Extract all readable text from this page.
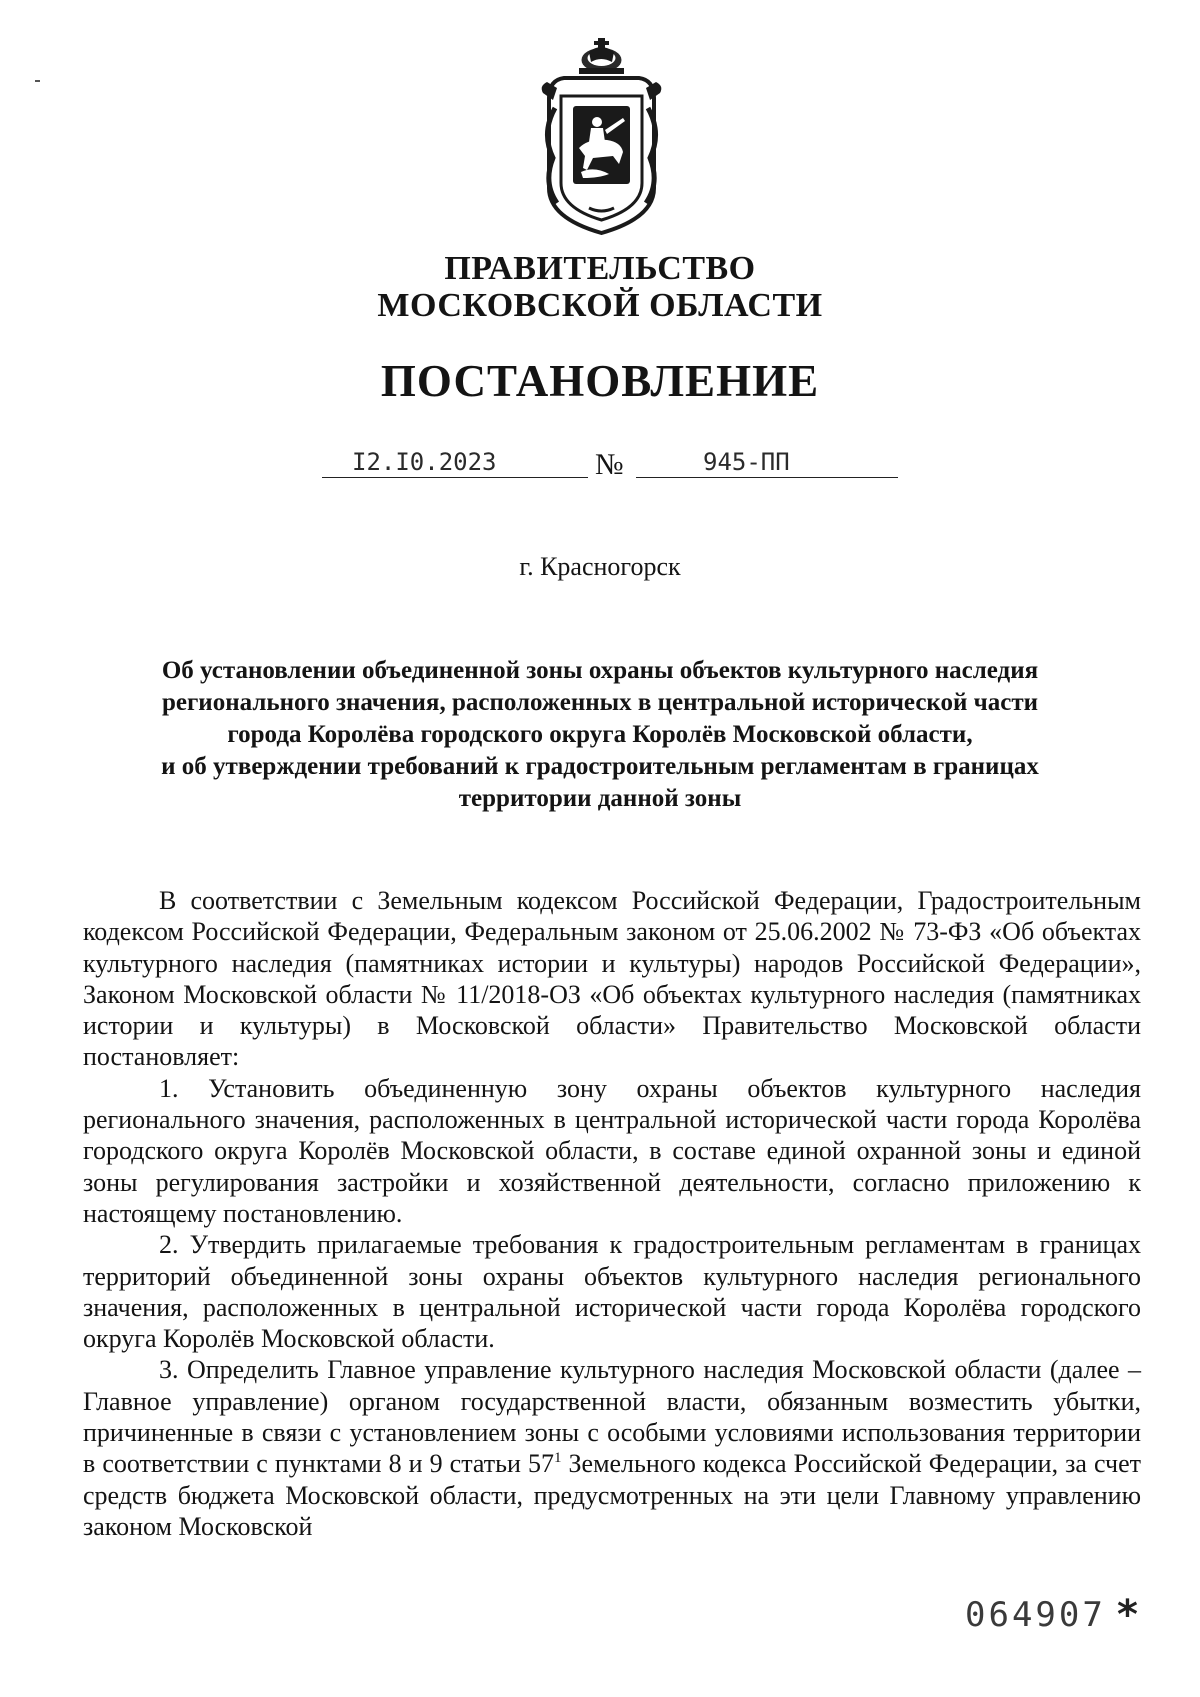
ПРАВИТЕЛЬСТВО
МОСКОВСКОЙ ОБЛАСТИ
ПОСТАНОВЛЕНИЕ
I2.I0.2023	№	945-ПП
г. Красногорск
Об установлении объединенной зоны охраны объектов культурного наследия
регионального значения, расположенных в центральной исторической части
города Королёва городского округа Королёв Московской области,
и об утверждении требований к градостроительным регламентам в границах
территории данной зоны

В соответствии с Земельным кодексом Российской Федерации, Градостроительным кодексом Российской Федерации, Федеральным законом от 25.06.2002 № 73-ФЗ «Об объектах культурного наследия (памятниках истории и культуры) народов Российской Федерации», Законом Московской области № 11/2018-ОЗ «Об объектах культурного наследия (памятниках истории и культуры) в Московской области» Правительство Московской области постановляет:

1. Установить объединенную зону охраны объектов культурного наследия регионального значения, расположенных в центральной исторической части города Королёва городского округа Королёв Московской области, в составе единой охранной зоны и единой зоны регулирования застройки и хозяйственной деятельности, согласно приложению к настоящему постановлению.

2. Утвердить прилагаемые требования к градостроительным регламентам в границах территорий объединенной зоны охраны объектов культурного наследия регионального значения, расположенных в центральной исторической части города Королёва городского округа Королёв Московской области.

3. Определить Главное управление культурного наследия Московской области (далее – Главное управление) органом государственной власти, обязанным возместить убытки, причиненные в связи с установлением зоны с особыми условиями использования территории в соответствии с пунктами 8 и 9 статьи $57^1$ Земельного кодекса Российской Федерации, за счет средств бюджета Московской области, предусмотренных на эти цели Главному управлению законом Московской

064907 *
